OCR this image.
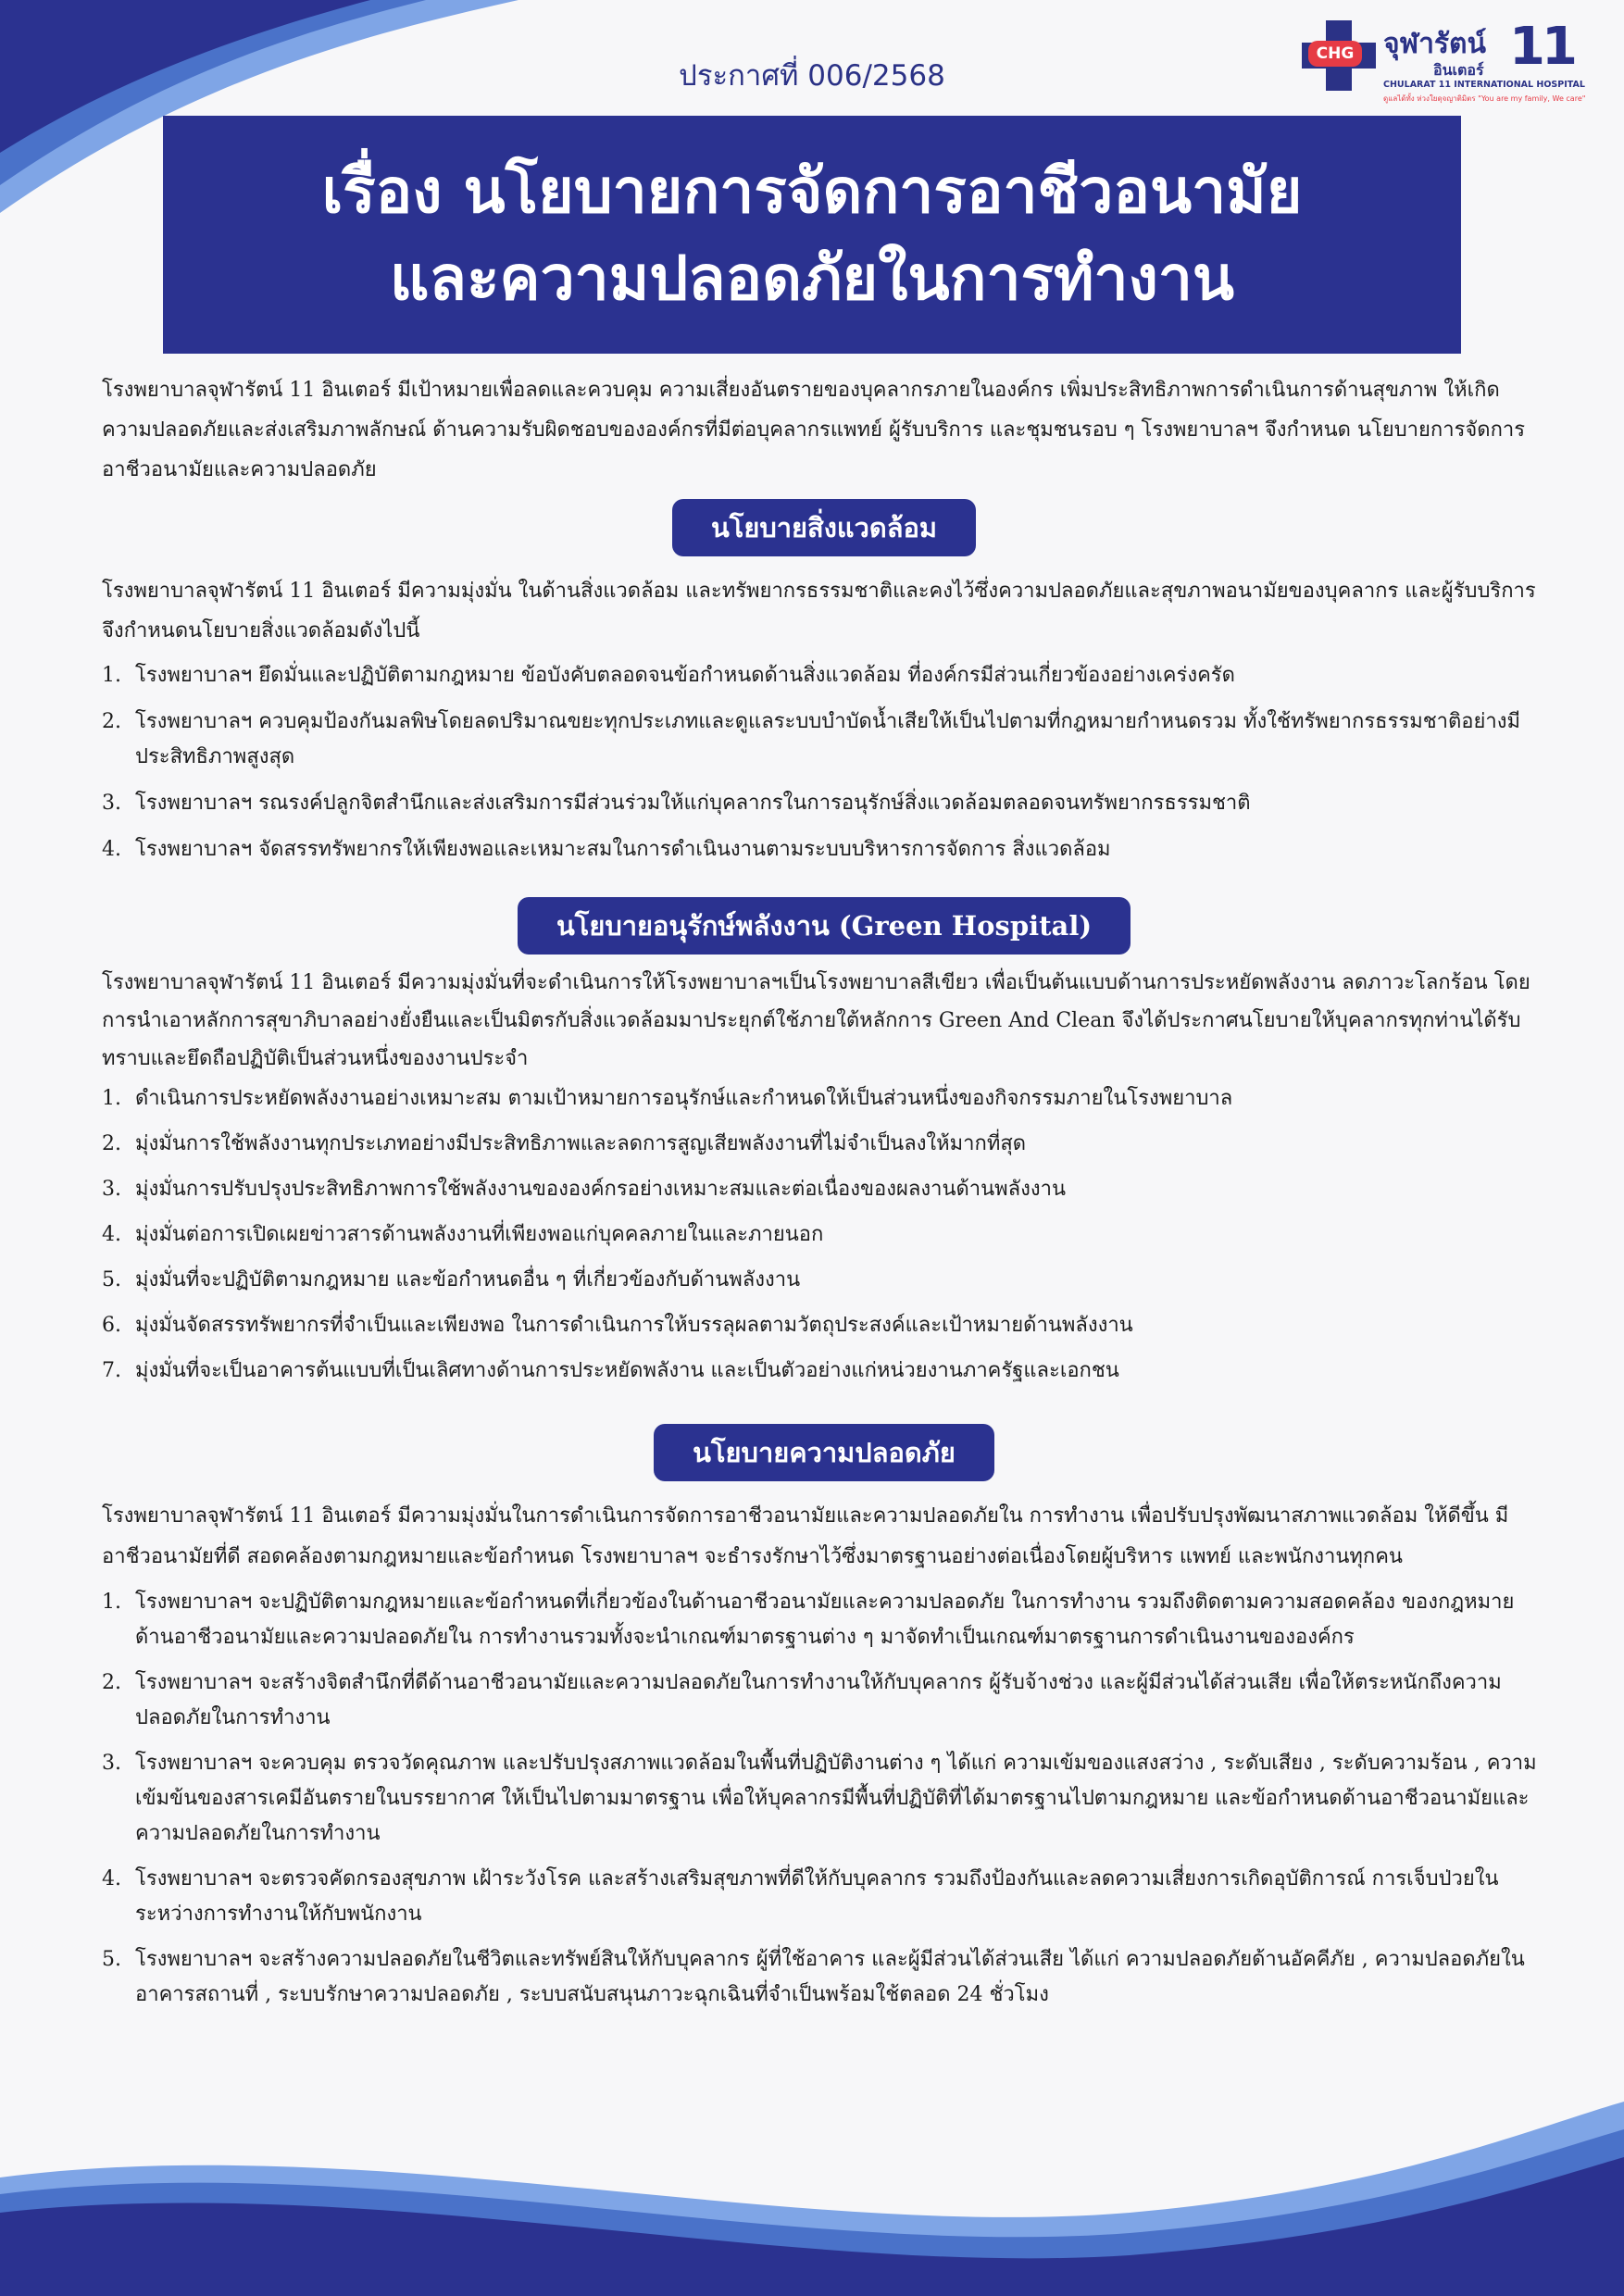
CHG จุฬารัตน์ 11
อินเตอร์
CHULARAT 11 INTERNATIONAL HOSPITAL
ดูแลได้ทั้ง ห่วงใยดุจญาติมิตร "You are my family, We care"
ประกาศที่ 006/2568
เรื่อง นโยบายการจัดการอาชีวอนามัย
และความปลอดภัยในการทำงาน

โรงพยาบาลจุฬารัตน์ 11 อินเตอร์ มีเป้าหมายเพื่อลดและควบคุม ความเสี่ยงอันตรายของบุคลากรภายในองค์กร เพิ่มประสิทธิภาพการดำเนินการด้านสุขภาพ ให้เกิดความปลอดภัยและส่งเสริมภาพลักษณ์ ด้านความรับผิดชอบขององค์กรที่มีต่อบุคลากรแพทย์ ผู้รับบริการ และชุมชนรอบ ๆ โรงพยาบาลฯ จึงกำหนด นโยบายการจัดการอาชีวอนามัยและความปลอดภัย

นโยบายสิ่งแวดล้อม

โรงพยาบาลจุฬารัตน์ 11 อินเตอร์ มีความมุ่งมั่น ในด้านสิ่งแวดล้อม และทรัพยากรธรรมชาติและคงไว้ซึ่งความปลอดภัยและสุขภาพอนามัยของบุคลากร และผู้รับบริการ จึงกำหนดนโยบายสิ่งแวดล้อมดังไปนี้

1. โรงพยาบาลฯ ยึดมั่นและปฏิบัติตามกฎหมาย ข้อบังคับตลอดจนข้อกำหนดด้านสิ่งแวดล้อม ที่องค์กรมีส่วนเกี่ยวข้องอย่างเคร่งครัด
2. โรงพยาบาลฯ ควบคุมป้องกันมลพิษโดยลดปริมาณขยะทุกประเภทและดูแลระบบบำบัดน้ำเสียให้เป็นไปตามที่กฎหมายกำหนดรวม ทั้งใช้ทรัพยากรธรรมชาติอย่างมีประสิทธิภาพสูงสุด
3. โรงพยาบาลฯ รณรงค์ปลูกจิตสำนึกและส่งเสริมการมีส่วนร่วมให้แก่บุคลากรในการอนุรักษ์สิ่งแวดล้อมตลอดจนทรัพยากรธรรมชาติ
4. โรงพยาบาลฯ จัดสรรทรัพยากรให้เพียงพอและเหมาะสมในการดำเนินงานตามระบบบริหารการจัดการ สิ่งแวดล้อม
นโยบายอนุรักษ์พลังงาน (Green Hospital)

โรงพยาบาลจุฬารัตน์ 11 อินเตอร์ มีความมุ่งมั่นที่จะดำเนินการให้โรงพยาบาลฯเป็นโรงพยาบาลสีเขียว เพื่อเป็นต้นแบบด้านการประหยัดพลังงาน ลดภาวะโลกร้อน โดยการนำเอาหลักการสุขาภิบาลอย่างยั่งยืนและเป็นมิตรกับสิ่งแวดล้อมมาประยุกต์ใช้ภายใต้หลักการ Green And Clean จึงได้ประกาศนโยบายให้บุคลากรทุกท่านได้รับทราบและยึดถือปฏิบัติเป็นส่วนหนึ่งของงานประจำ

1. ดำเนินการประหยัดพลังงานอย่างเหมาะสม ตามเป้าหมายการอนุรักษ์และกำหนดให้เป็นส่วนหนึ่งของกิจกรรมภายในโรงพยาบาล
2. มุ่งมั่นการใช้พลังงานทุกประเภทอย่างมีประสิทธิภาพและลดการสูญเสียพลังงานที่ไม่จำเป็นลงให้มากที่สุด
3. มุ่งมั่นการปรับปรุงประสิทธิภาพการใช้พลังงานขององค์กรอย่างเหมาะสมและต่อเนื่องของผลงานด้านพลังงาน
4. มุ่งมั่นต่อการเปิดเผยข่าวสารด้านพลังงานที่เพียงพอแก่บุคคลภายในและภายนอก
5. มุ่งมั่นที่จะปฏิบัติตามกฎหมาย และข้อกำหนดอื่น ๆ ที่เกี่ยวข้องกับด้านพลังงาน
6. มุ่งมั่นจัดสรรทรัพยากรที่จำเป็นและเพียงพอ ในการดำเนินการให้บรรลุผลตามวัตถุประสงค์และเป้าหมายด้านพลังงาน
7. มุ่งมั่นที่จะเป็นอาคารต้นแบบที่เป็นเลิศทางด้านการประหยัดพลังาน และเป็นตัวอย่างแก่หน่วยงานภาครัฐและเอกชน
นโยบายความปลอดภัย

โรงพยาบาลจุฬารัตน์ 11 อินเตอร์ มีความมุ่งมั่นในการดำเนินการจัดการอาชีวอนามัยและความปลอดภัยใน การทำงาน เพื่อปรับปรุงพัฒนาสภาพแวดล้อม ให้ดีขึ้น มีอาชีวอนามัยที่ดี สอดคล้องตามกฎหมายและข้อกำหนด โรงพยาบาลฯ จะธำรงรักษาไว้ซึ่งมาตรฐานอย่างต่อเนื่องโดยผู้บริหาร แพทย์ และพนักงานทุกคน

1. โรงพยาบาลฯ จะปฏิบัติตามกฎหมายและข้อกำหนดที่เกี่ยวข้องในด้านอาชีวอนามัยและความปลอดภัย ในการทำงาน รวมถึงติดตามความสอดคล้อง ของกฎหมายด้านอาชีวอนามัยและความปลอดภัยใน การทำงานรวมทั้งจะนำเกณฑ์มาตรฐานต่าง ๆ มาจัดทำเป็นเกณฑ์มาตรฐานการดำเนินงานขององค์กร
2. โรงพยาบาลฯ จะสร้างจิตสำนึกที่ดีด้านอาชีวอนามัยและความปลอดภัยในการทำงานให้กับบุคลากร ผู้รับจ้างช่วง และผู้มีส่วนได้ส่วนเสีย เพื่อให้ตระหนักถึงความปลอดภัยในการทำงาน
3. โรงพยาบาลฯ จะควบคุม ตรวจวัดคุณภาพ และปรับปรุงสภาพแวดล้อมในพื้นที่ปฏิบัติงานต่าง ๆ ได้แก่ ความเข้มของแสงสว่าง , ระดับเสียง , ระดับความร้อน , ความเข้มข้นของสารเคมีอันตรายในบรรยากาศ ให้เป็นไปตามมาตรฐาน เพื่อให้บุคลากรมีพื้นที่ปฏิบัติที่ได้มาตรฐานไปตามกฎหมาย และข้อกำหนดด้านอาชีวอนามัยและความปลอดภัยในการทำงาน
4. โรงพยาบาลฯ จะตรวจคัดกรองสุขภาพ เฝ้าระวังโรค และสร้างเสริมสุขภาพที่ดีให้กับบุคลากร รวมถึงป้องกันและลดความเสี่ยงการเกิดอุบัติการณ์ การเจ็บป่วยในระหว่างการทำงานให้กับพนักงาน
5. โรงพยาบาลฯ จะสร้างความปลอดภัยในชีวิตและทรัพย์สินให้กับบุคลากร ผู้ที่ใช้อาคาร และผู้มีส่วนได้ส่วนเสีย ได้แก่ ความปลอดภัยด้านอัคคีภัย , ความปลอดภัยในอาคารสถานที่ , ระบบรักษาความปลอดภัย , ระบบสนับสนุนภาวะฉุกเฉินที่จำเป็นพร้อมใช้ตลอด 24 ชั่วโมง
